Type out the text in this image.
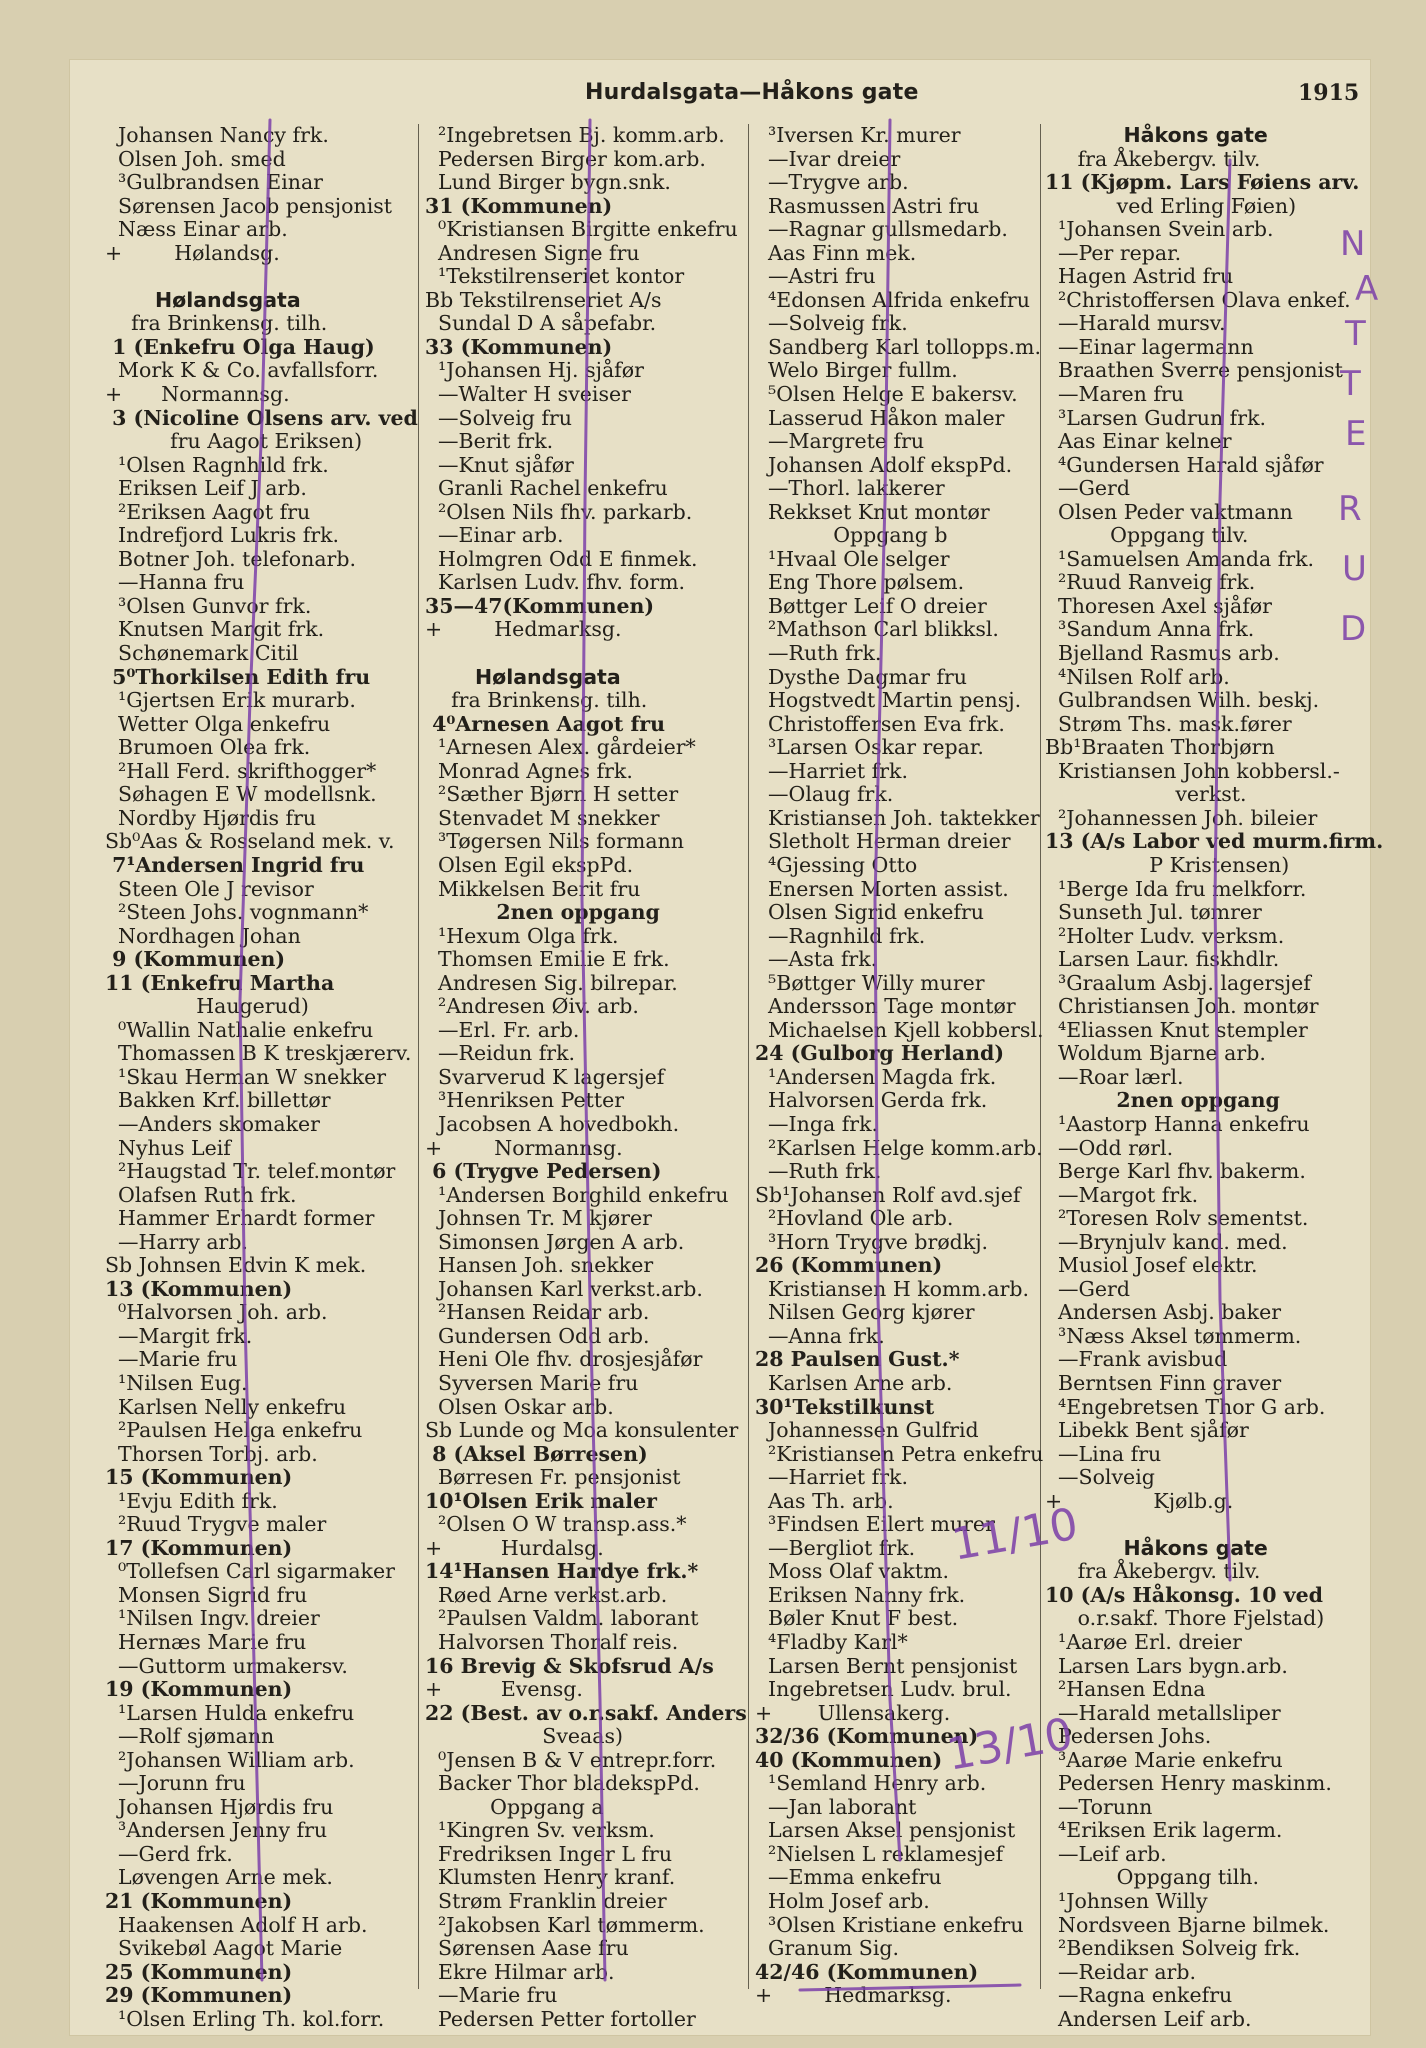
Hurdalsgata—Håkons gate	1915
Johansen Nancy frk.
Olsen Joh. smed
³Gulbrandsen Einar
Sørensen Jacob pensjonist
Næss Einar arb.
+        Hølandsg.
Hølandsgata
fra Brinkensg. tilh.
1 (Enkefru Olga Haug)
Mork K & Co. avfallsforr.
+      Normannsg.
3 (Nicoline Olsens arv. ved
fru Aagot Eriksen)
¹Olsen Ragnhild frk.
Eriksen Leif J arb.
²Eriksen Aagot fru
Indrefjord Lukris frk.
Botner Joh. telefonarb.
—Hanna fru
³Olsen Gunvor frk.
Knutsen Margit frk.
Schønemark Citil
5⁰Thorkilsen Edith fru
¹Gjertsen Erik murarb.
Wetter Olga enkefru
Brumoen Olea frk.
²Hall Ferd. skrifthogger*
Søhagen E W modellsnk.
Nordby Hjørdis fru
Sb⁰Aas & Rosseland mek. v.
7¹Andersen Ingrid fru
Steen Ole J revisor
²Steen Johs. vognmann*
Nordhagen Johan
9 (Kommunen)
11 (Enkefru Martha
Haugerud)
⁰Wallin Nathalie enkefru
Thomassen B K treskjærerv.
¹Skau Herman W snekker
Bakken Krf. billettør
—Anders skomaker
Nyhus Leif
²Haugstad Tr. telef.montør
Olafsen Ruth frk.
Hammer Erhardt former
—Harry arb.
Sb Johnsen Edvin K mek.
13 (Kommunen)
⁰Halvorsen Joh. arb.
—Margit frk.
—Marie fru
¹Nilsen Eug.
Karlsen Nelly enkefru
²Paulsen Helga enkefru
Thorsen Torbj. arb.
15 (Kommunen)
¹Evju Edith frk.
²Ruud Trygve maler
17 (Kommunen)
⁰Tollefsen Carl sigarmaker
Monsen Sigrid fru
¹Nilsen Ingv. dreier
Hernæs Marie fru
—Guttorm urmakersv.
19 (Kommunen)
¹Larsen Hulda enkefru
—Rolf sjømann
²Johansen William arb.
—Jorunn fru
Johansen Hjørdis fru
³Andersen Jenny fru
—Gerd frk.
Løvengen Arne mek.
21 (Kommunen)
Haakensen Adolf H arb.
Svikebøl Aagot Marie
25 (Kommunen)
29 (Kommunen)
¹Olsen Erling Th. kol.forr.
²Ingebretsen Bj. komm.arb.
Pedersen Birger kom.arb.
Lund Birger bygn.snk.
31 (Kommunen)
⁰Kristiansen Birgitte enkefru
Andresen Signe fru
¹Tekstilrenseriet kontor
Bb Tekstilrenseriet A/s
Sundal D A såpefabr.
33 (Kommunen)
¹Johansen Hj. sjåfør
—Walter H sveiser
—Solveig fru
—Berit frk.
—Knut sjåfør
Granli Rachel enkefru
²Olsen Nils fhv. parkarb.
—Einar arb.
Holmgren Odd E finmek.
Karlsen Ludv. fhv. form.
35—47(Kommunen)
+        Hedmarksg.
Hølandsgata
fra Brinkensg. tilh.
4⁰Arnesen Aagot fru
¹Arnesen Alex. gårdeier*
Monrad Agnes frk.
²Sæther Bjørn H setter
Stenvadet M snekker
³Tøgersen Nils formann
Olsen Egil ekspPd.
Mikkelsen Berit fru
2nen oppgang
¹Hexum Olga frk.
Thomsen Emilie E frk.
Andresen Sig. bilrepar.
²Andresen Øiv. arb.
—Erl. Fr. arb.
—Reidun frk.
Svarverud K lagersjef
³Henriksen Petter
Jacobsen A hovedbokh.
+        Normannsg.
6 (Trygve Pedersen)
¹Andersen Borghild enkefru
Johnsen Tr. M kjører
Simonsen Jørgen A arb.
Hansen Joh. snekker
Johansen Karl verkst.arb.
²Hansen Reidar arb.
Gundersen Odd arb.
Heni Ole fhv. drosjesjåfør
Syversen Marie fru
Olsen Oskar arb.
Sb Lunde og Moa konsulenter
8 (Aksel Børresen)
Børresen Fr. pensjonist
10¹Olsen Erik maler
²Olsen O W transp.ass.*
+         Hurdalsg.
14¹Hansen Hardye frk.*
Røed Arne verkst.arb.
²Paulsen Valdm. laborant
Halvorsen Thoralf reis.
16 Brevig & Skofsrud A/s
+         Evensg.
22 (Best. av o.r.sakf. Anders
Sveaas)
⁰Jensen B & V entrepr.forr.
Backer Thor bladekspPd.
Oppgang a
¹Kingren Sv. verksm.
Fredriksen Inger L fru
Klumsten Henry kranf.
Strøm Franklin dreier
²Jakobsen Karl tømmerm.
Sørensen Aase fru
Ekre Hilmar arb.
—Marie fru
Pedersen Petter fortoller
³Iversen Kr. murer
—Ivar dreier
—Trygve arb.
Rasmussen Astri fru
—Ragnar gullsmedarb.
Aas Finn mek.
—Astri fru
⁴Edonsen Alfrida enkefru
—Solveig frk.
Sandberg Karl tollopps.m.
Welo Birger fullm.
⁵Olsen Helge E bakersv.
Lasserud Håkon maler
—Margrete fru
Johansen Adolf ekspPd.
—Thorl. lakkerer
Rekkset Knut montør
Oppgang b
¹Hvaal Ole selger
Eng Thore pølsem.
Bøttger Leif O dreier
²Mathson Carl blikksl.
—Ruth frk.
Dysthe Dagmar fru
Hogstvedt Martin pensj.
Christoffersen Eva frk.
³Larsen Oskar repar.
—Harriet frk.
—Olaug frk.
Kristiansen Joh. taktekker
Sletholt Herman dreier
⁴Gjessing Otto
Enersen Morten assist.
Olsen Sigrid enkefru
—Ragnhild frk.
—Asta frk.
⁵Bøttger Willy murer
Andersson Tage montør
Michaelsen Kjell kobbersl.
24 (Gulborg Herland)
¹Andersen Magda frk.
Halvorsen Gerda frk.
—Inga frk.
²Karlsen Helge komm.arb.
—Ruth frk.
Sb¹Johansen Rolf avd.sjef
²Hovland Ole arb.
³Horn Trygve brødkj.
26 (Kommunen)
Kristiansen H komm.arb.
Nilsen Georg kjører
—Anna frk.
28 Paulsen Gust.*
Karlsen Arne arb.
30¹Tekstilkunst
Johannessen Gulfrid
²Kristiansen Petra enkefru
—Harriet frk.
Aas Th. arb.
³Findsen Eilert murer
—Bergliot frk.
Moss Olaf vaktm.
Eriksen Nanny frk.
Bøler Knut F best.
⁴Fladby Karl*
Larsen Bernt pensjonist
Ingebretsen Ludv. brul.
+       Ullensakerg.
32/36 (Kommunen)
40 (Kommunen)
¹Semland Henry arb.
—Jan laborant
Larsen Aksel pensjonist
²Nielsen L reklamesjef
—Emma enkefru
Holm Josef arb.
³Olsen Kristiane enkefru
Granum Sig.
42/46 (Kommunen)
+        Hedmarksg.
Håkons gate
fra Åkebergv. tilv.
11 (Kjøpm. Lars Føiens arv.
ved Erling Føien)
¹Johansen Svein arb.
—Per repar.
Hagen Astrid fru
²Christoffersen Olava enkef.
—Harald mursv.
—Einar lagermann
Braathen Sverre pensjonist
—Maren fru
³Larsen Gudrun frk.
Aas Einar kelner
⁴Gundersen Harald sjåfør
—Gerd
Olsen Peder vaktmann
Oppgang tilv.
¹Samuelsen Amanda frk.
²Ruud Ranveig frk.
Thoresen Axel sjåfør
³Sandum Anna frk.
Bjelland Rasmus arb.
⁴Nilsen Rolf arb.
Gulbrandsen Wilh. beskj.
Strøm Ths. mask.fører
Bb¹Braaten Thorbjørn
Kristiansen John kobbersl.-
verkst.
²Johannessen Joh. bileier
13 (A/s Labor ved murm.firm.
P Kristensen)
¹Berge Ida fru melkforr.
Sunseth Jul. tømrer
²Holter Ludv. verksm.
Larsen Laur. fiskhdlr.
³Graalum Asbj. lagersjef
Christiansen Joh. montør
⁴Eliassen Knut stempler
Woldum Bjarne arb.
—Roar lærl.
2nen oppgang
¹Aastorp Hanna enkefru
—Odd rørl.
Berge Karl fhv. bakerm.
—Margot frk.
²Toresen Rolv sementst.
—Brynjulv kand. med.
Musiol Josef elektr.
—Gerd
Andersen Asbj. baker
³Næss Aksel tømmerm.
—Frank avisbud
Berntsen Finn graver
⁴Engebretsen Thor G arb.
Libekk Bent sjåfør
—Lina fru
—Solveig
+              Kjølb.g.
Håkons gate
fra Åkebergv. tilv.
10 (A/s Håkonsg. 10 ved
o.r.sakf. Thore Fjelstad)
¹Aarøe Erl. dreier
Larsen Lars bygn.arb.
²Hansen Edna
—Harald metallsliper
Pedersen Johs.
³Aarøe Marie enkefru
Pedersen Henry maskinm.
—Torunn
⁴Eriksen Erik lagerm.
—Leif arb.
Oppgang tilh.
¹Johnsen Willy
Nordsveen Bjarne bilmek.
²Bendiksen Solveig frk.
—Reidar arb.
—Ragna enkefru
Andersen Leif arb.
N
A
T
T
E
R
U
D
11/10
13/10
